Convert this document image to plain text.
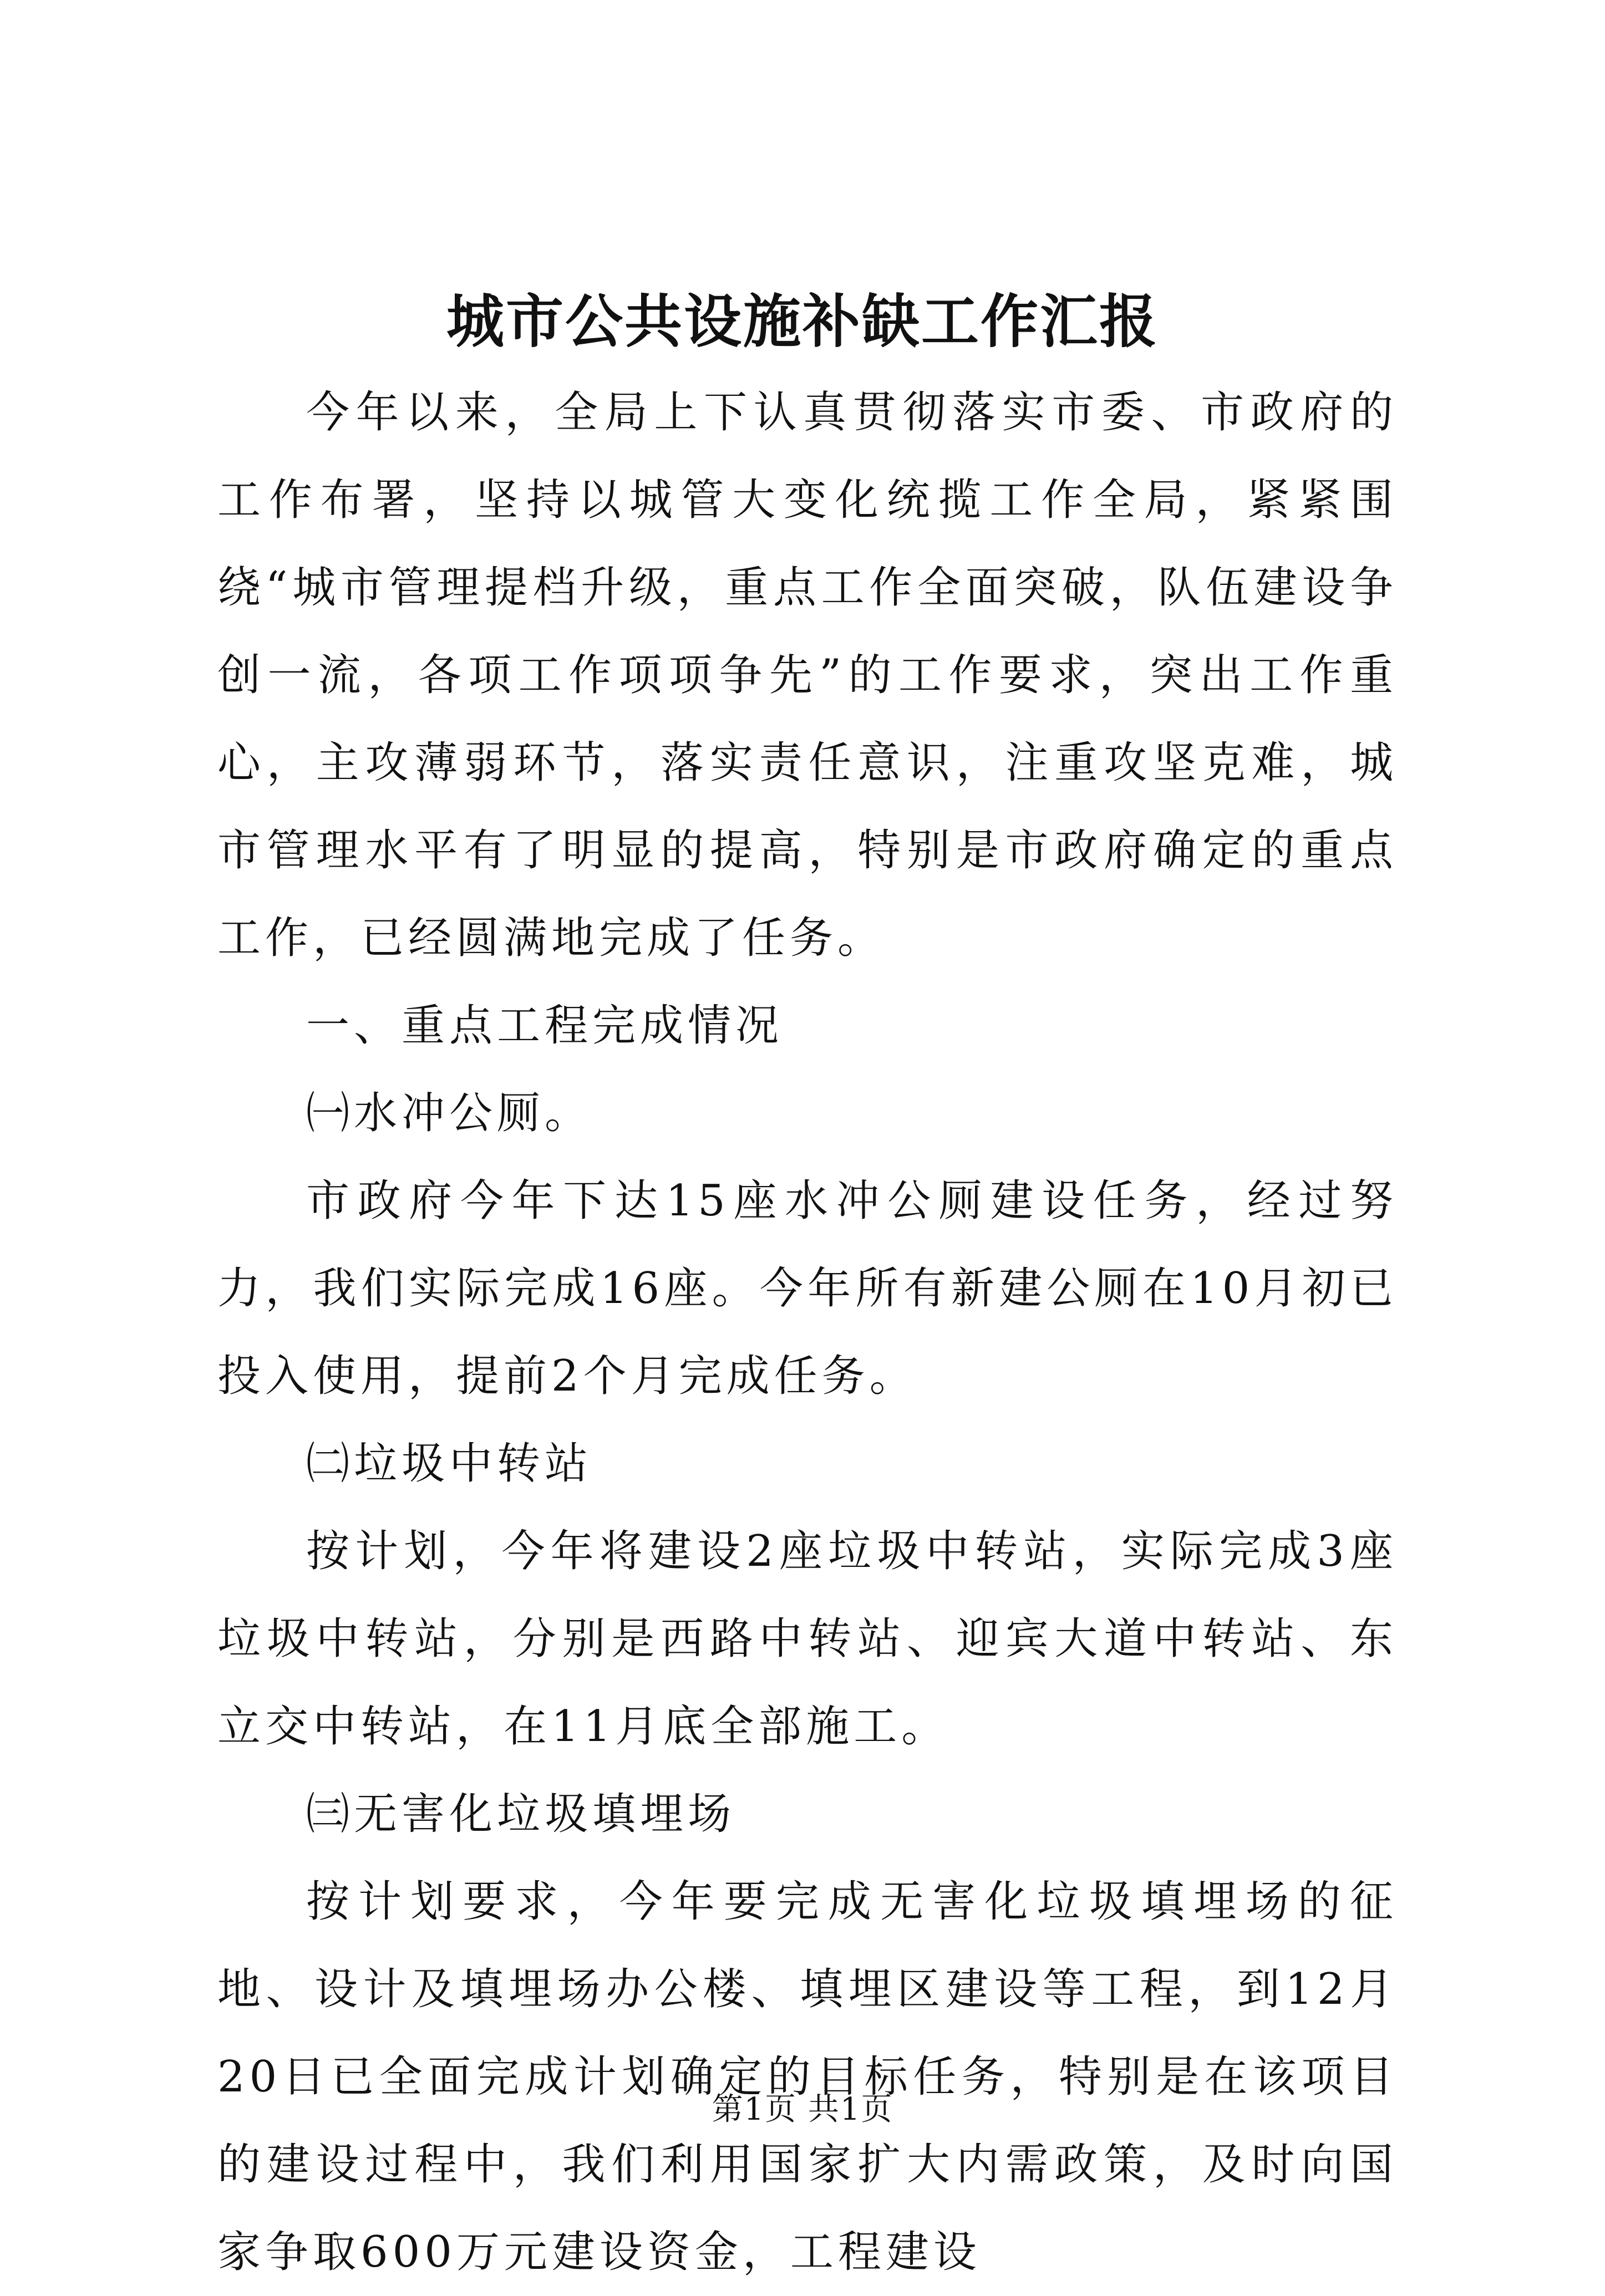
城市公共设施补缺工作汇报

今年以来，全局上下认真贯彻落实市委、市政府的工作布署，坚持以城管大变化统揽工作全局，紧紧围绕“城市管理提档升级，重点工作全面突破，队伍建设争创一流，各项工作项项争先”的工作要求，突出工作重心，主攻薄弱环节，落实责任意识，注重攻坚克难，城市管理水平有了明显的提高，特别是市政府确定的重点工作，已经圆满地完成了任务。

一、重点工程完成情况

㈠水冲公厕。

市政府今年下达15座水冲公厕建设任务，经过努力，我们实际完成16座。今年所有新建公厕在10月初已投入使用，提前2个月完成任务。

㈡垃圾中转站

按计划，今年将建设2座垃圾中转站，实际完成3座垃圾中转站，分别是西路中转站、迎宾大道中转站、东立交中转站，在11月底全部施工。

㈢无害化垃圾填埋场

按计划要求，今年要完成无害化垃圾填埋场的征地、设计及填埋场办公楼、填埋区建设等工程，到12月20日已全面完成计划确定的目标任务，特别是在该项目的建设过程中，我们利用国家扩大内需政策，及时向国家争取600万元建设资金，工程建设

第1页 共1页
